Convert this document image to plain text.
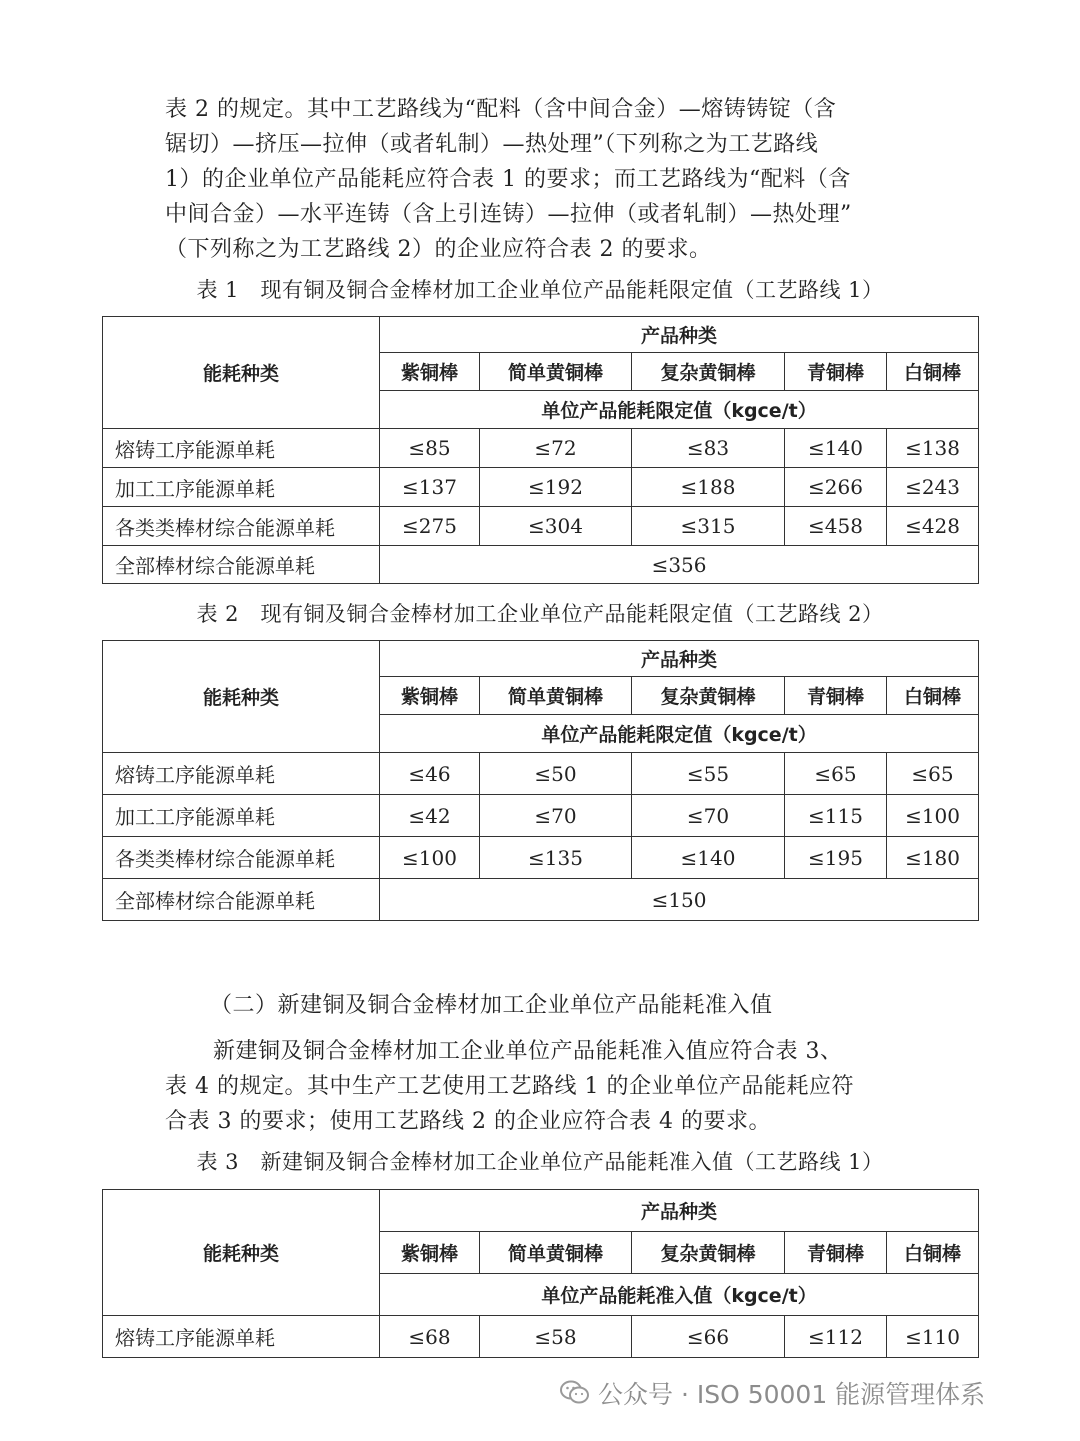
表 2 的规定。其中工艺路线为“配料（含中间合金）—熔铸铸锭（含
锯切）—挤压—拉伸（或者轧制）—热处理”（下列称之为工艺路线
1）的企业单位产品能耗应符合表 1 的要求；而工艺路线为“配料（含
中间合金）—水平连铸（含上引连铸）—拉伸（或者轧制）—热处理”
（下列称之为工艺路线 2）的企业应符合表 2 的要求。

表 1　现有铜及铜合金棒材加工企业单位产品能耗限定值（工艺路线 1）

能耗种类	产品种类				
	紫铜棒	简单黄铜棒	复杂黄铜棒	青铜棒	白铜棒
	单位产品能耗限定值（kgce/t）				
熔铸工序能源单耗	≤85	≤72	≤83	≤140	≤138
加工工序能源单耗	≤137	≤192	≤188	≤266	≤243
各类类棒材综合能源单耗	≤275	≤304	≤315	≤458	≤428
全部棒材综合能源单耗	≤356				

表 2　现有铜及铜合金棒材加工企业单位产品能耗限定值（工艺路线 2）

能耗种类	产品种类				
	紫铜棒	简单黄铜棒	复杂黄铜棒	青铜棒	白铜棒
	单位产品能耗限定值（kgce/t）				
熔铸工序能源单耗	≤46	≤50	≤55	≤65	≤65
加工工序能源单耗	≤42	≤70	≤70	≤115	≤100
各类类棒材综合能源单耗	≤100	≤135	≤140	≤195	≤180
全部棒材综合能源单耗	≤150				

（二）新建铜及铜合金棒材加工企业单位产品能耗准入值

新建铜及铜合金棒材加工企业单位产品能耗准入值应符合表 3、
表 4 的规定。其中生产工艺使用工艺路线 1 的企业单位产品能耗应符
合表 3 的要求；使用工艺路线 2 的企业应符合表 4 的要求。

表 3　新建铜及铜合金棒材加工企业单位产品能耗准入值（工艺路线 1）

能耗种类	产品种类				
	紫铜棒	简单黄铜棒	复杂黄铜棒	青铜棒	白铜棒
	单位产品能耗准入值（kgce/t）				
熔铸工序能源单耗	≤68	≤58	≤66	≤112	≤110
公众号 · ISO 50001 能源管理体系
